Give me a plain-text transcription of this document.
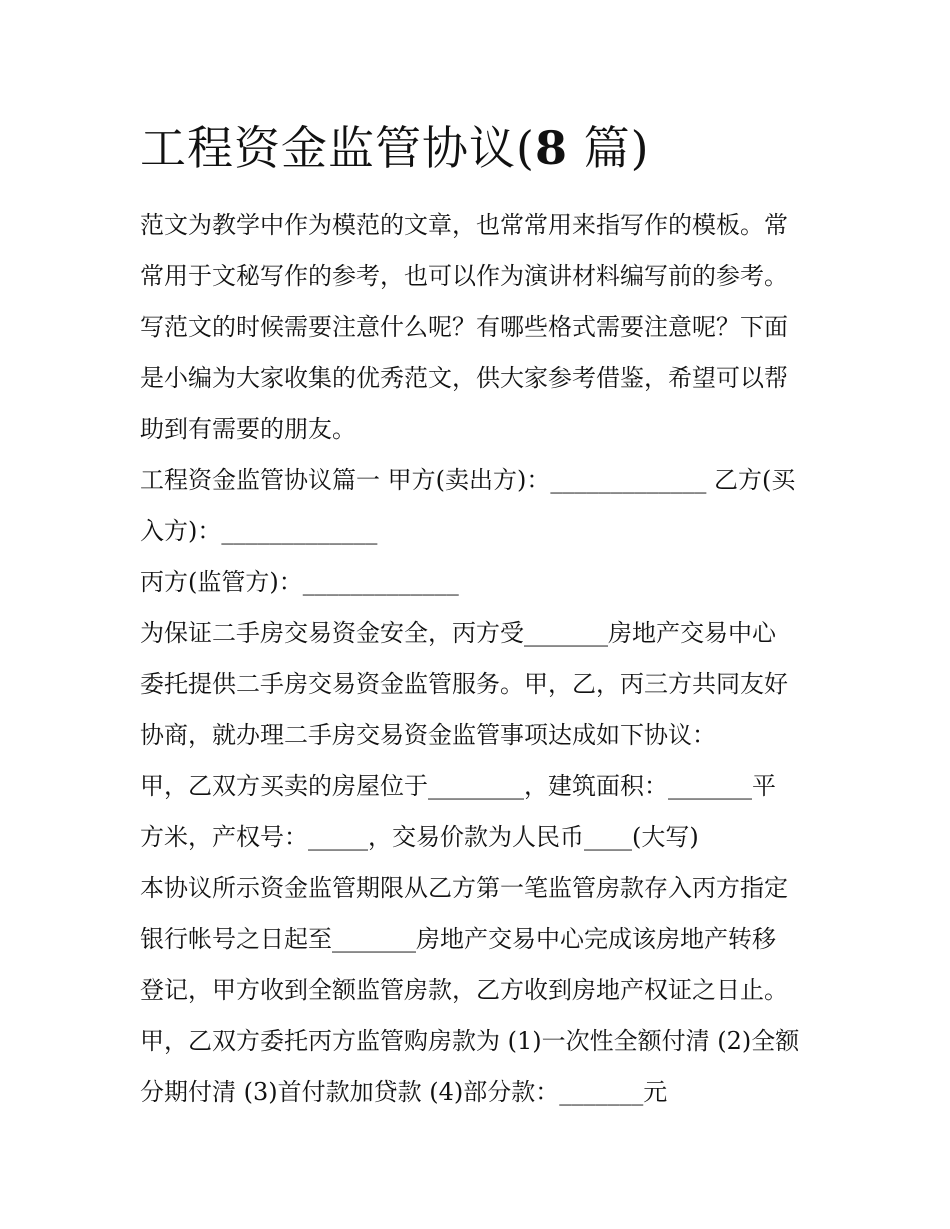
工程资金监管协议(8 篇)
范文为教学中作为模范的文章，也常常用来指写作的模板。常
常用于文秘写作的参考，也可以作为演讲材料编写前的参考。
写范文的时候需要注意什么呢？有哪些格式需要注意呢？下面
是小编为大家收集的优秀范文，供大家参考借鉴，希望可以帮
助到有需要的朋友。
工程资金监管协议篇一 甲方(卖出方)：_____________ 乙方(买
入方)：_____________
丙方(监管方)：_____________
为保证二手房交易资金安全，丙方受_______房地产交易中心
委托提供二手房交易资金监管服务。甲，乙，丙三方共同友好
协商，就办理二手房交易资金监管事项达成如下协议：
甲，乙双方买卖的房屋位于________，建筑面积：_______平
方米，产权号：_____，交易价款为人民币____(大写)
本协议所示资金监管期限从乙方第一笔监管房款存入丙方指定
银行帐号之日起至_______房地产交易中心完成该房地产转移
登记，甲方收到全额监管房款，乙方收到房地产权证之日止。
甲，乙双方委托丙方监管购房款为 (1)一次性全额付清 (2)全额
分期付清 (3)首付款加贷款 (4)部分款：_______元
